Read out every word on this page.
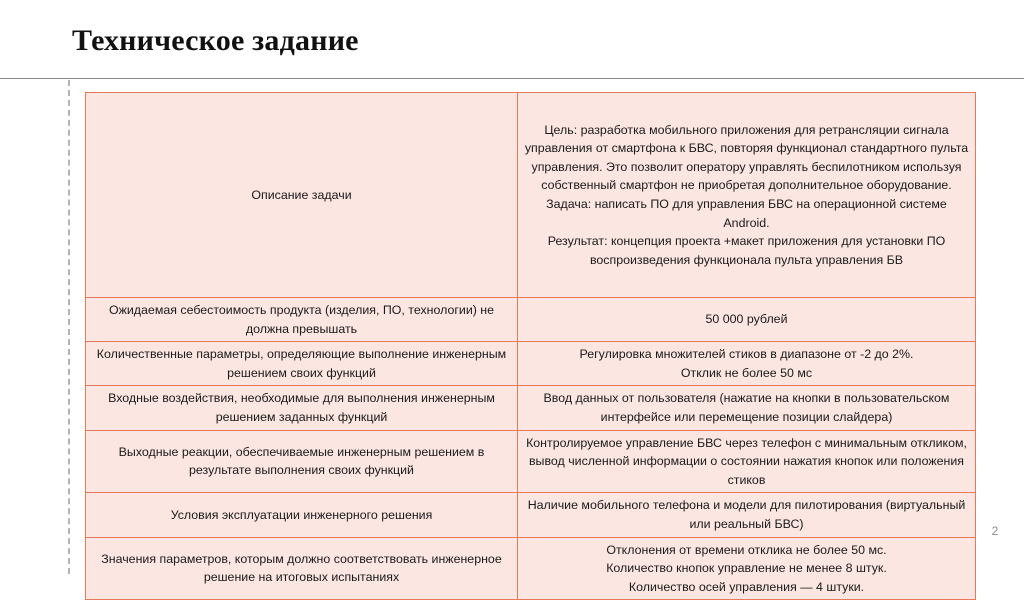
Техническое задание
Описание задачи	Цель: разработка мобильного приложения для ретрансляции сигнала управления от смартфона к БВС, повторяя функционал стандартного пульта управления. Это позволит оператору управлять беспилотником используя собственный смартфон не приобретая дополнительное оборудование.
Задача: написать ПО для управления БВС на операционной системе Android.
Результат: концепция проекта +макет приложения для установки ПО воспроизведения функционала пульта управления БВ
Ожидаемая себестоимость продукта (изделия, ПО, технологии) не должна превышать	50 000 рублей
Количественные параметры, определяющие выполнение инженерным решением своих функций	Регулировка множителей стиков в диапазоне от -2 до 2%.
Отклик не более 50 мс
Входные воздействия, необходимые для выполнения инженерным решением заданных функций	Ввод данных от пользователя (нажатие на кнопки в пользовательском интерфейсе или перемещение позиции слайдера)
Выходные реакции, обеспечиваемые инженерным решением в результате выполнения своих функций	Контролируемое управление БВС через телефон с минимальным откликом, вывод численной информации о состоянии нажатия кнопок или положения стиков
Условия эксплуатации инженерного решения	Наличие мобильного телефона и модели для пилотирования (виртуальный или реальный БВС)
Значения параметров, которым должно соответствовать инженерное решение на итоговых испытаниях	Отклонения от времени отклика не более 50 мс.
Количество кнопок управление не менее 8 штук.
Количество осей управления — 4 штуки.
2
